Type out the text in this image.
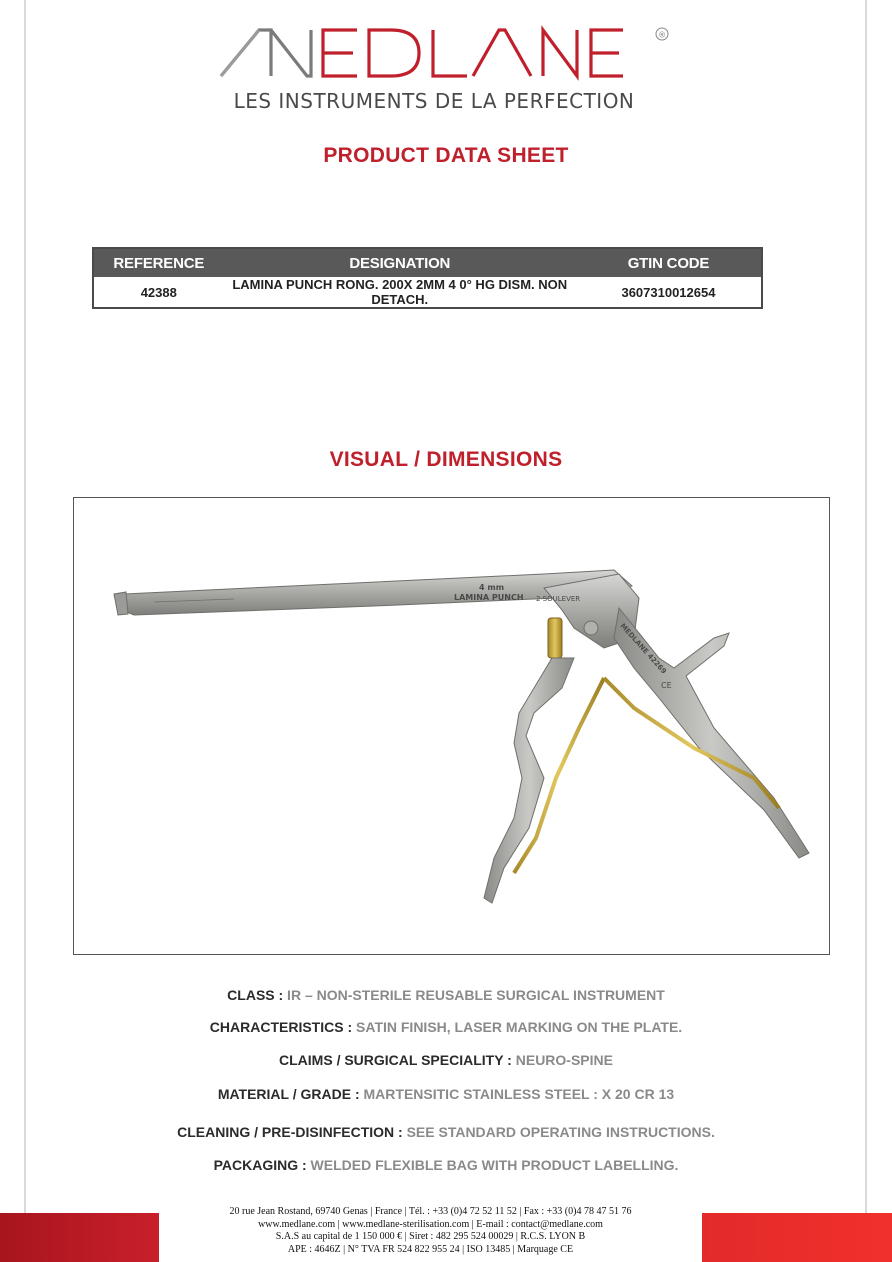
®
LES INSTRUMENTS DE LA PERFECTION
PRODUCT DATA SHEET
REFERENCE	DESIGNATION	GTIN CODE
42388	LAMINA PUNCH RONG. 200X 2MM 4 0° HG DISM. NON DETACH.	3607310012654
VISUAL / DIMENSIONS
4 mm
LAMINA PUNCH 2 SOULEVER
MEDLANE 42269
CE
CLASS : IR – NON-STERILE REUSABLE SURGICAL INSTRUMENT
CHARACTERISTICS : SATIN FINISH, LASER MARKING ON THE PLATE.
CLAIMS / SURGICAL SPECIALITY : NEURO-SPINE
MATERIAL / GRADE : MARTENSITIC STAINLESS STEEL : X 20 CR 13
CLEANING / PRE-DISINFECTION : SEE STANDARD OPERATING INSTRUCTIONS.
PACKAGING : WELDED FLEXIBLE BAG WITH PRODUCT LABELLING.
20 rue Jean Rostand, 69740 Genas | France | Tél. : +33 (0)4 72 52 11 52 | Fax : +33 (0)4 78 47 51 76
www.medlane.com | www.medlane-sterilisation.com | E-mail : contact@medlane.com
S.A.S au capital de 1 150 000 € | Siret : 482 295 524 00029 | R.C.S. LYON B
APE : 4646Z | N° TVA FR 524 822 955 24 | ISO 13485 | Marquage CE
